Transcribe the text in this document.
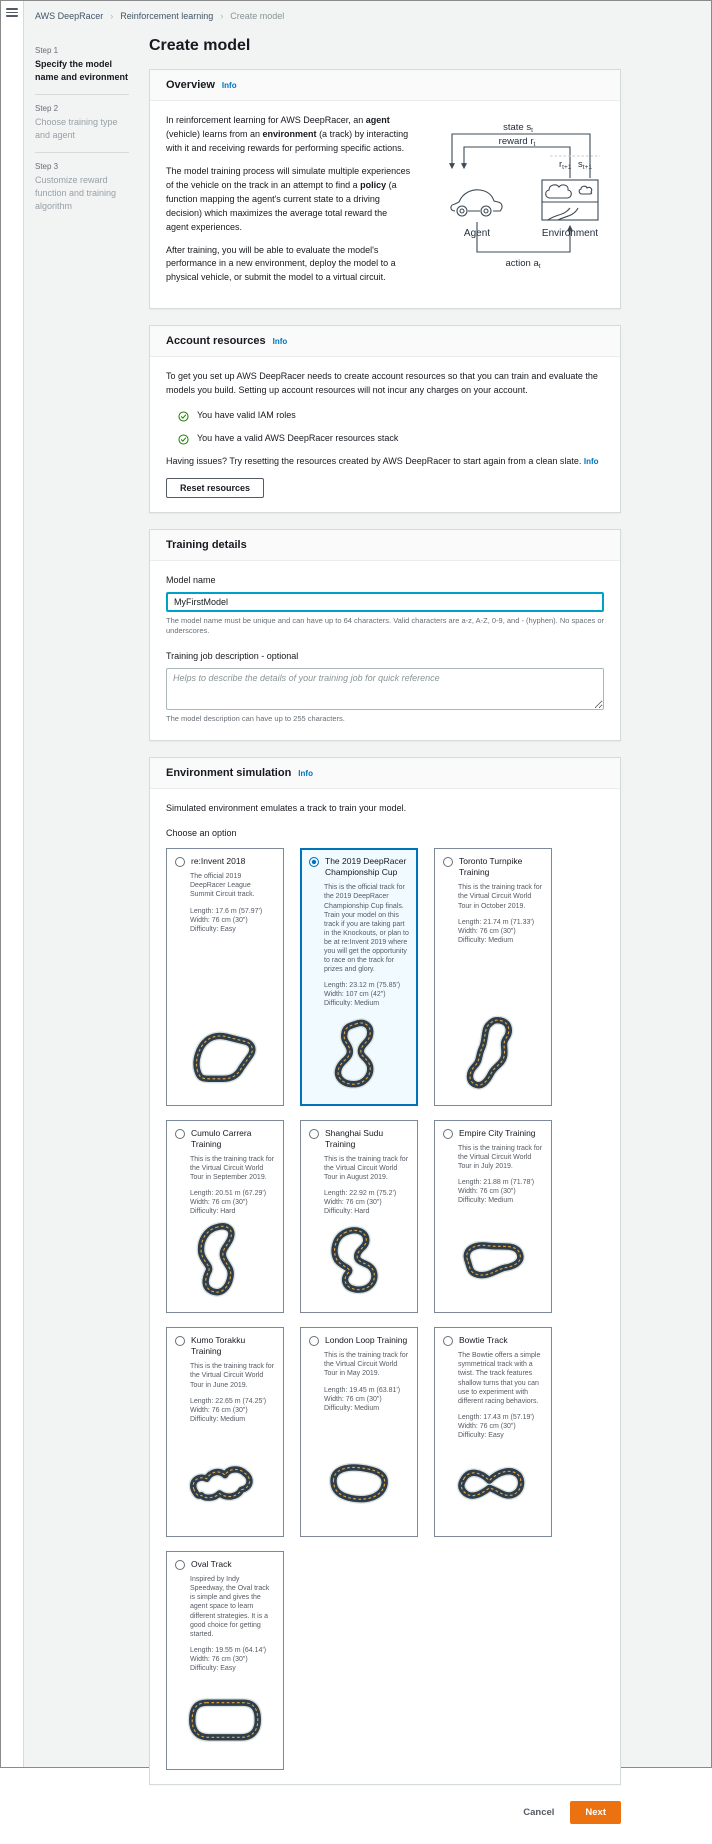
AWS DeepRacer › Reinforcement learning › Create model
Step 1
Specify the model name and evironment
Step 2
Choose training type and agent
Step 3
Customize reward function and training algorithm
Create model
Overview Info

In reinforcement learning for AWS DeepRacer, an agent (vehicle) learns from an environment (a track) by interacting with it and receiving rewards for performing specific actions.

The model training process will simulate multiple experiences of the vehicle on the track in an attempt to find a policy (a function mapping the agent's current state to a driving decision) which maximizes the average total reward the agent experiences.

After training, you will be able to evaluate the model's performance in a new environment, deploy the model to a physical vehicle, or submit the model to a virtual circuit.

state $s_t$
reward $r_t$
$r_{t+1}$ $s_{t+1}$
action $a_t$
Agent	Environment
Account resources Info

To get you set up AWS DeepRacer needs to create account resources so that you can train and evaluate the models you build. Setting up account resources will not incur any charges on your account.

You have valid IAM roles
You have a valid AWS DeepRacer resources stack
Having issues? Try resetting the resources created by AWS DeepRacer to start again from a clean slate. Info
Reset resources
Training details
Model name
MyFirstModel
The model name must be unique and can have up to 64 characters. Valid characters are a-z, A-Z, 0-9, and - (hyphen). No spaces or underscores.
Training job description - optional
Helps to describe the details of your training job for quick reference
The model description can have up to 255 characters.
Environment simulation Info

Simulated environment emulates a track to train your model.

Choose an option
re:Invent 2018
The official 2019 DeepRacer League Summit Circuit track.
Length: 17.6 m (57.97')
Width: 76 cm (30")
Difficulty: Easy
The 2019 DeepRacer Championship Cup
This is the official track for the 2019 DeepRacer Championship Cup finals. Train your model on this track if you are taking part in the Knockouts, or plan to be at re:Invent 2019 where you will get the opportunity to race on the track for prizes and glory.
Length: 23.12 m (75.85')
Width: 107 cm (42")
Difficulty: Medium
Toronto Turnpike Training
This is the training track for the Virtual Circuit World Tour in October 2019.
Length: 21.74 m (71.33')
Width: 76 cm (30")
Difficulty: Medium
Cumulo Carrera Training
This is the training track for the Virtual Circuit World Tour in September 2019.
Length: 20.51 m (67.29')
Width: 76 cm (30")
Difficulty: Hard
Shanghai Sudu Training
This is the training track for the Virtual Circuit World Tour in August 2019.
Length: 22.92 m (75.2')
Width: 76 cm (30")
Difficulty: Hard
Empire City Training
This is the training track for the Virtual Circuit World Tour in July 2019.
Length: 21.88 m (71.78')
Width: 76 cm (30")
Difficulty: Medium
Kumo Torakku Training
This is the training track for the Virtual Circuit World Tour in June 2019.
Length: 22.65 m (74.25')
Width: 76 cm (30")
Difficulty: Medium
London Loop Training
This is the training track for the Virtual Circuit World Tour in May 2019.
Length: 19.45 m (63.81')
Width: 76 cm (30")
Difficulty: Medium
Bowtie Track
The Bowtie offers a simple symmetrical track with a twist. The track features shallow turns that you can use to experiment with different racing behaviors.
Length: 17.43 m (57.19')
Width: 76 cm (30")
Difficulty: Easy
Oval Track
Inspired by Indy Speedway, the Oval track is simple and gives the agent space to learn different strategies. It is a good choice for getting started.
Length: 19.55 m (64.14')
Width: 76 cm (30")
Difficulty: Easy
Cancel	Next
